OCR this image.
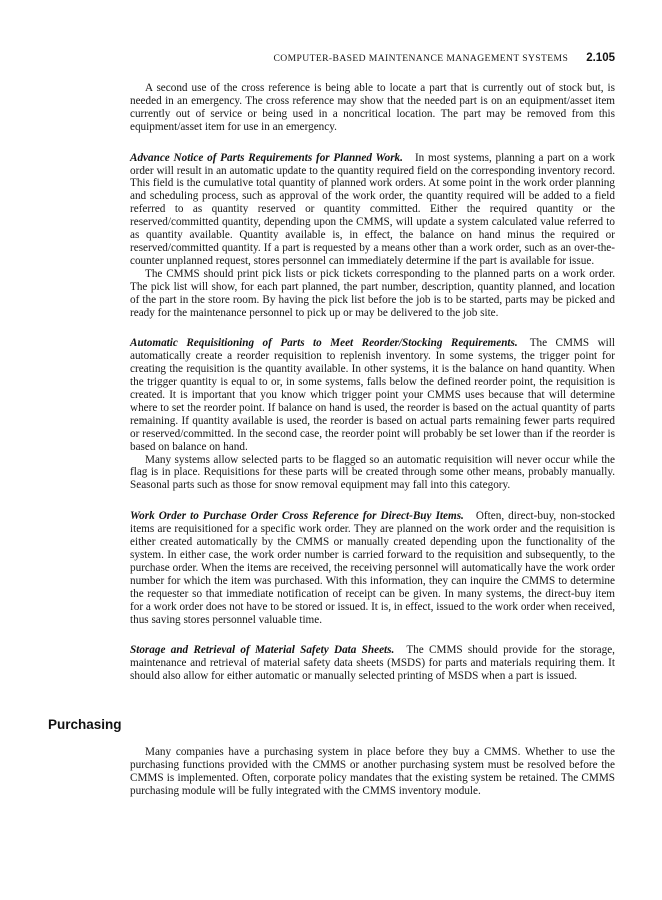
COMPUTER-BASED MAINTENANCE MANAGEMENT SYSTEMS 2.105

A second use of the cross reference is being able to locate a part that is currently out of stock but, is needed in an emergency. The cross reference may show that the needed part is on an equipment/asset item currently out of service or being used in a noncritical location. The part may be removed from this equipment/asset item for use in an emergency.

Advance Notice of Parts Requirements for Planned Work. In most systems, planning a part on a work order will result in an automatic update to the quantity required field on the corresponding inventory record. This field is the cumulative total quantity of planned work orders. At some point in the work order planning and scheduling process, such as approval of the work order, the quantity required will be added to a field referred to as quantity reserved or quantity committed. Either the required quantity or the reserved/committed quantity, depending upon the CMMS, will update a system calculated value referred to as quantity available. Quantity available is, in effect, the balance on hand minus the required or reserved/committed quantity. If a part is requested by a means other than a work order, such as an over-the-counter unplanned request, stores personnel can immediately determine if the part is available for issue.

The CMMS should print pick lists or pick tickets corresponding to the planned parts on a work order. The pick list will show, for each part planned, the part number, description, quantity planned, and location of the part in the store room. By having the pick list before the job is to be started, parts may be picked and ready for the maintenance personnel to pick up or may be delivered to the job site.

Automatic Requisitioning of Parts to Meet Reorder/Stocking Requirements. The CMMS will automatically create a reorder requisition to replenish inventory. In some systems, the trigger point for creating the requisition is the quantity available. In other systems, it is the balance on hand quantity. When the trigger quantity is equal to or, in some systems, falls below the defined reorder point, the requisition is created. It is important that you know which trigger point your CMMS uses because that will determine where to set the reorder point. If balance on hand is used, the reorder is based on the actual quantity of parts remaining. If quantity available is used, the reorder is based on actual parts remaining fewer parts required or reserved/committed. In the second case, the reorder point will probably be set lower than if the reorder is based on balance on hand.

Many systems allow selected parts to be flagged so an automatic requisition will never occur while the flag is in place. Requisitions for these parts will be created through some other means, probably manually. Seasonal parts such as those for snow removal equipment may fall into this category.

Work Order to Purchase Order Cross Reference for Direct-Buy Items. Often, direct-buy, non-stocked items are requisitioned for a specific work order. They are planned on the work order and the requisition is either created automatically by the CMMS or manually created depending upon the functionality of the system. In either case, the work order number is carried forward to the requisition and subsequently, to the purchase order. When the items are received, the receiving personnel will automatically have the work order number for which the item was purchased. With this information, they can inquire the CMMS to determine the requester so that immediate notification of receipt can be given. In many systems, the direct-buy item for a work order does not have to be stored or issued. It is, in effect, issued to the work order when received, thus saving stores personnel valuable time.

Storage and Retrieval of Material Safety Data Sheets. The CMMS should provide for the storage, maintenance and retrieval of material safety data sheets (MSDS) for parts and materials requiring them. It should also allow for either automatic or manually selected printing of MSDS when a part is issued.

Purchasing

Many companies have a purchasing system in place before they buy a CMMS. Whether to use the purchasing functions provided with the CMMS or another purchasing system must be resolved before the CMMS is implemented. Often, corporate policy mandates that the existing system be retained. The CMMS purchasing module will be fully integrated with the CMMS inventory module.
